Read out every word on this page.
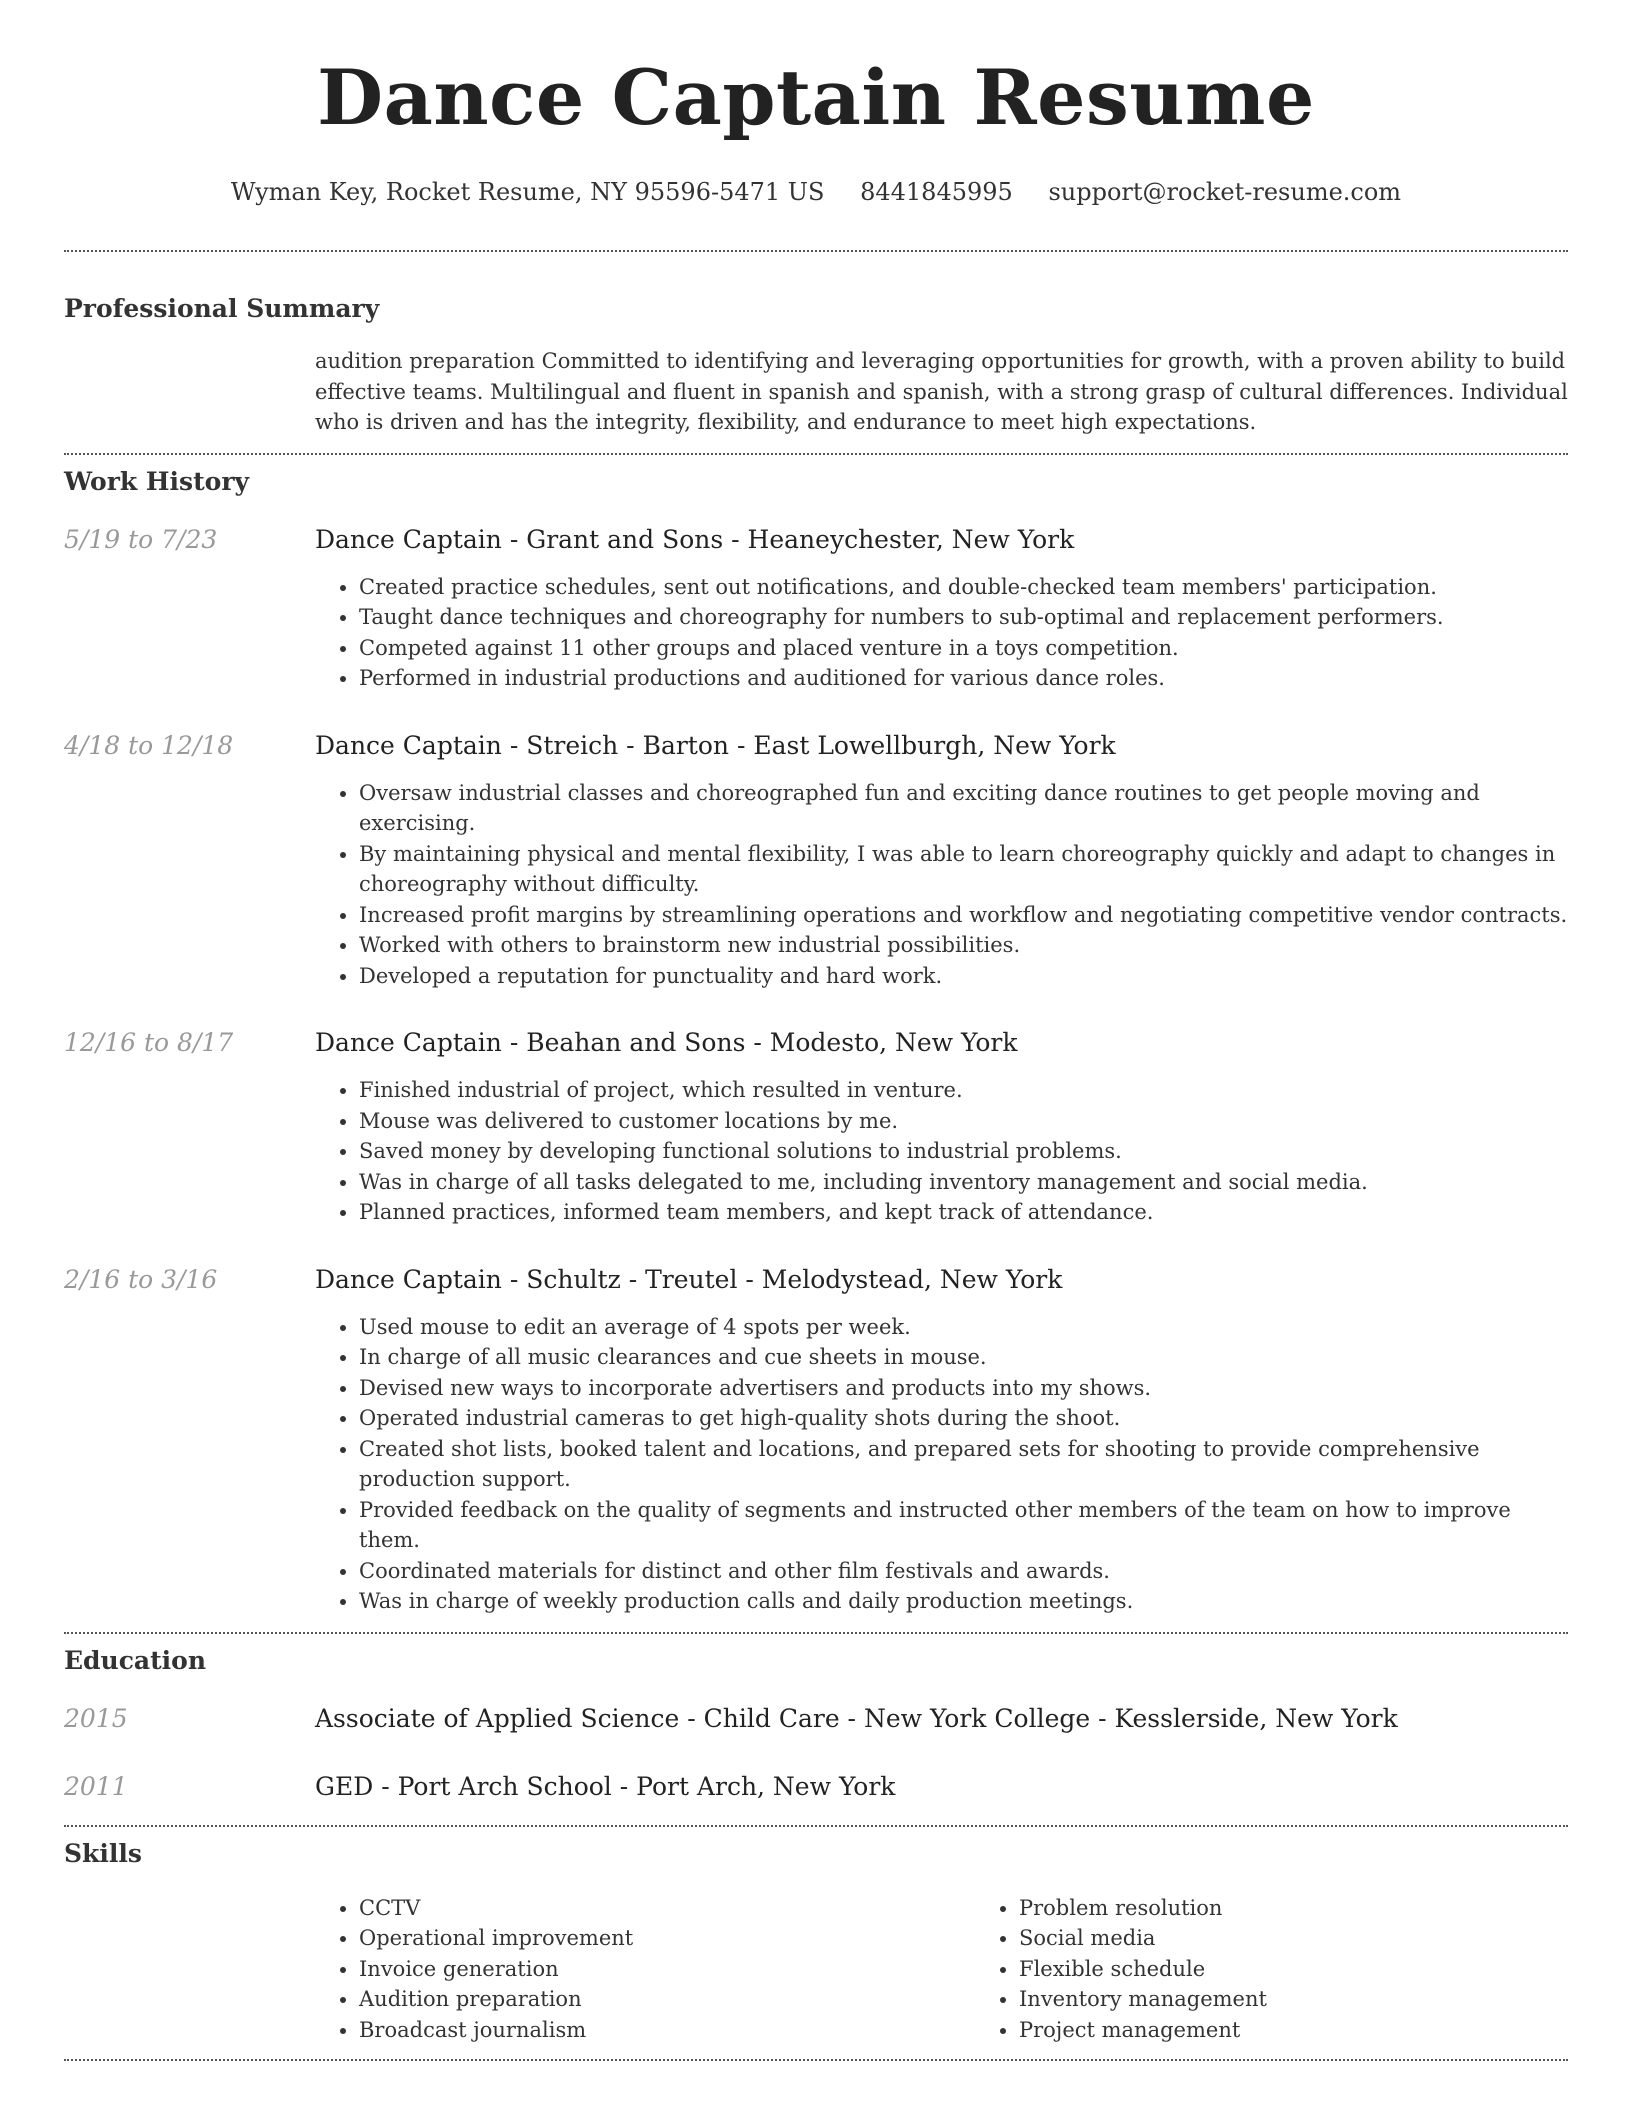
Dance Captain Resume
Wyman Key, Rocket Resume, NY 95596-5471 US 8441845995 support@rocket-resume.com
Professional Summary
audition preparation Committed to identifying and leveraging opportunities for growth, with a proven ability to build effective teams. Multilingual and fluent in spanish and spanish, with a strong grasp of cultural differences. Individual who is driven and has the integrity, flexibility, and endurance to meet high expectations.
Work History
5/19 to 7/23	Dance Captain - Grant and Sons - Heaneychester, New York
• Created practice schedules, sent out notifications, and double-checked team members' participation.
• Taught dance techniques and choreography for numbers to sub-optimal and replacement performers.
• Competed against 11 other groups and placed venture in a toys competition.
• Performed in industrial productions and auditioned for various dance roles.
4/18 to 12/18	Dance Captain - Streich - Barton - East Lowellburgh, New York
• Oversaw industrial classes and choreographed fun and exciting dance routines to get people moving and exercising.
• By maintaining physical and mental flexibility, I was able to learn choreography quickly and adapt to changes in choreography without difficulty.
• Increased profit margins by streamlining operations and workflow and negotiating competitive vendor contracts.
• Worked with others to brainstorm new industrial possibilities.
• Developed a reputation for punctuality and hard work.
12/16 to 8/17	Dance Captain - Beahan and Sons - Modesto, New York
• Finished industrial of project, which resulted in venture.
• Mouse was delivered to customer locations by me.
• Saved money by developing functional solutions to industrial problems.
• Was in charge of all tasks delegated to me, including inventory management and social media.
• Planned practices, informed team members, and kept track of attendance.
2/16 to 3/16	Dance Captain - Schultz - Treutel - Melodystead, New York
• Used mouse to edit an average of 4 spots per week.
• In charge of all music clearances and cue sheets in mouse.
• Devised new ways to incorporate advertisers and products into my shows.
• Operated industrial cameras to get high-quality shots during the shoot.
• Created shot lists, booked talent and locations, and prepared sets for shooting to provide comprehensive production support.
• Provided feedback on the quality of segments and instructed other members of the team on how to improve them.
• Coordinated materials for distinct and other film festivals and awards.
• Was in charge of weekly production calls and daily production meetings.
Education
2015	Associate of Applied Science - Child Care - New York College - Kesslerside, New York
2011	GED - Port Arch School - Port Arch, New York
Skills
• CCTV
• Operational improvement
• Invoice generation
• Audition preparation
• Broadcast journalism
• Problem resolution
• Social media
• Flexible schedule
• Inventory management
• Project management
